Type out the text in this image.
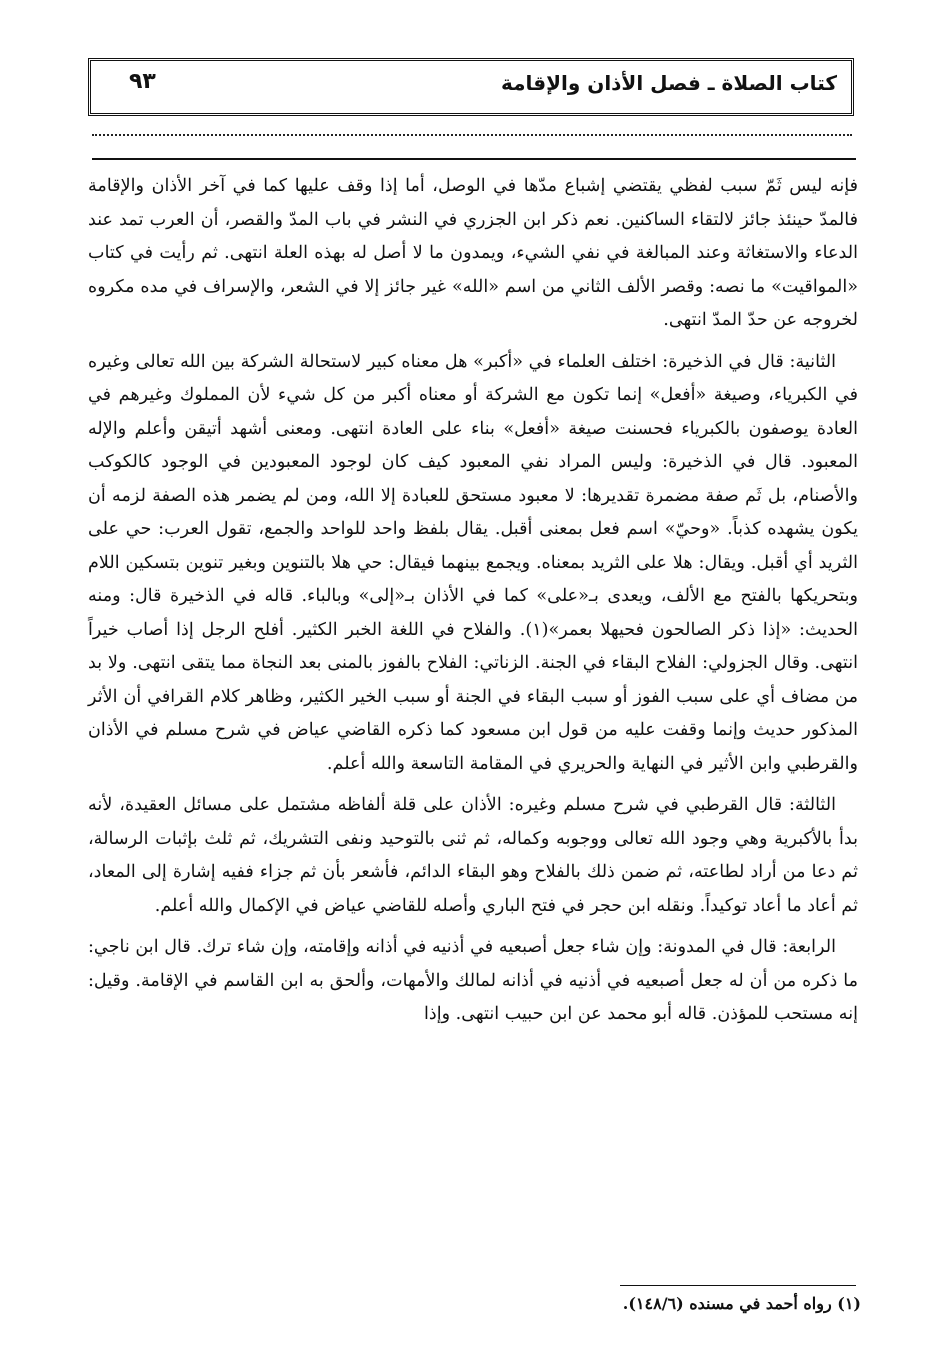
كتاب الصلاة ـ فصل الأذان والإقامة
٩٣

فإنه ليس ثَمّ سبب لفظي يقتضي إشباع مدّها في الوصل، أما إذا وقف عليها كما في آخر الأذان والإقامة فالمدّ حينئذ جائز لالتقاء الساكنين. نعم ذكر ابن الجزري في النشر في باب المدّ والقصر، أن العرب تمد عند الدعاء والاستغاثة وعند المبالغة في نفي الشيء، ويمدون ما لا أصل له بهذه العلة انتهى. ثم رأيت في كتاب «المواقيت» ما نصه: وقصر الألف الثاني من اسم «الله» غير جائز إلا في الشعر، والإسراف في مده مكروه لخروجه عن حدّ المدّ انتهى.

الثانية: قال في الذخيرة: اختلف العلماء في «أكبر» هل معناه كبير لاستحالة الشركة بين الله تعالى وغيره في الكبرياء، وصيغة «أفعل» إنما تكون مع الشركة أو معناه أكبر من كل شيء لأن المملوك وغيرهم في العادة يوصفون بالكبرياء فحسنت صيغة «أفعل» بناء على العادة انتهى. ومعنى أشهد أتيقن وأعلم والإله المعبود. قال في الذخيرة: وليس المراد نفي المعبود كيف كان لوجود المعبودين في الوجود كالكوكب والأصنام، بل ثَم صفة مضمرة تقديرها: لا معبود مستحق للعبادة إلا الله، ومن لم يضمر هذه الصفة لزمه أن يكون يشهده كذباً. «وحيّ» اسم فعل بمعنى أقبل. يقال بلفظ واحد للواحد والجمع، تقول العرب: حي على الثريد أي أقبل. ويقال: هلا على الثريد بمعناه. ويجمع بينهما فيقال: حي هلا بالتنوين وبغير تنوين بتسكين اللام وبتحريكها بالفتح مع الألف، ويعدى بـ«على» كما في الأذان بـ«إلى» وبالباء. قاله في الذخيرة قال: ومنه الحديث: «إذا ذكر الصالحون فحيهلا بعمر»(١). والفلاح في اللغة الخبر الكثير. أفلح الرجل إذا أصاب خيراً انتهى. وقال الجزولي: الفلاح البقاء في الجنة. الزناتي: الفلاح بالفوز بالمنى بعد النجاة مما يتقى انتهى. ولا بد من مضاف أي على سبب الفوز أو سبب البقاء في الجنة أو سبب الخير الكثير، وظاهر كلام القرافي أن الأثر المذكور حديث وإنما وقفت عليه من قول ابن مسعود كما ذكره القاضي عياض في شرح مسلم في الأذان والقرطبي وابن الأثير في النهاية والحريري في المقامة التاسعة والله أعلم.

الثالثة: قال القرطبي في شرح مسلم وغيره: الأذان على قلة ألفاظه مشتمل على مسائل العقيدة، لأنه بدأ بالأكبرية وهي وجود الله تعالى ووجوبه وكماله، ثم ثنى بالتوحيد ونفى التشريك، ثم ثلث بإثبات الرسالة، ثم دعا من أراد لطاعته، ثم ضمن ذلك بالفلاح وهو البقاء الدائم، فأشعر بأن ثم جزاء ففيه إشارة إلى المعاد، ثم أعاد ما أعاد توكيداً. ونقله ابن حجر في فتح الباري وأصله للقاضي عياض في الإكمال والله أعلم.

الرابعة: قال في المدونة: وإن شاء جعل أصبعيه في أذنيه في أذانه وإقامته، وإن شاء ترك. قال ابن ناجي: ما ذكره من أن له جعل أصبعيه في أذنيه في أذانه لمالك والأمهات، وألحق به ابن القاسم في الإقامة. وقيل: إنه مستحب للمؤذن. قاله أبو محمد عن ابن حبيب انتهى. وإذا

(١) رواه أحمد في مسنده (١٤٨/٦).
